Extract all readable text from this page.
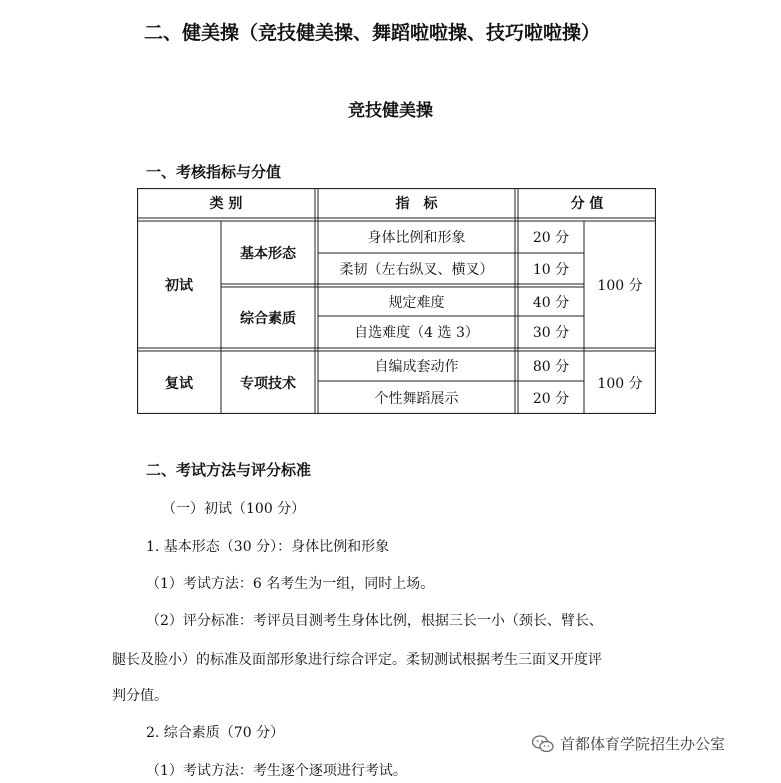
二、健美操（竞技健美操、舞蹈啦啦操、技巧啦啦操）
竞技健美操
一、考核指标与分值
类 别	指　标	分 值
初试
复试
基本形态
综合素质
专项技术
身体比例和形象
柔韧（左右纵叉、横叉）
规定难度
自选难度（4 选 3）
自编成套动作
个性舞蹈展示
20 分
10 分
40 分
30 分
80 分
20 分
100 分
100 分
二、考试方法与评分标准
（一）初试（100 分）
1. 基本形态（30 分）：身体比例和形象
（1）考试方法：6 名考生为一组，同时上场。
（2）评分标准：考评员目测考生身体比例，根据三长一小（颈长、臂长、
腿长及脸小）的标准及面部形象进行综合评定。柔韧测试根据考生三面叉开度评
判分值。
2. 综合素质（70 分）
（1）考试方法：考生逐个逐项进行考试。
首都体育学院招生办公室
